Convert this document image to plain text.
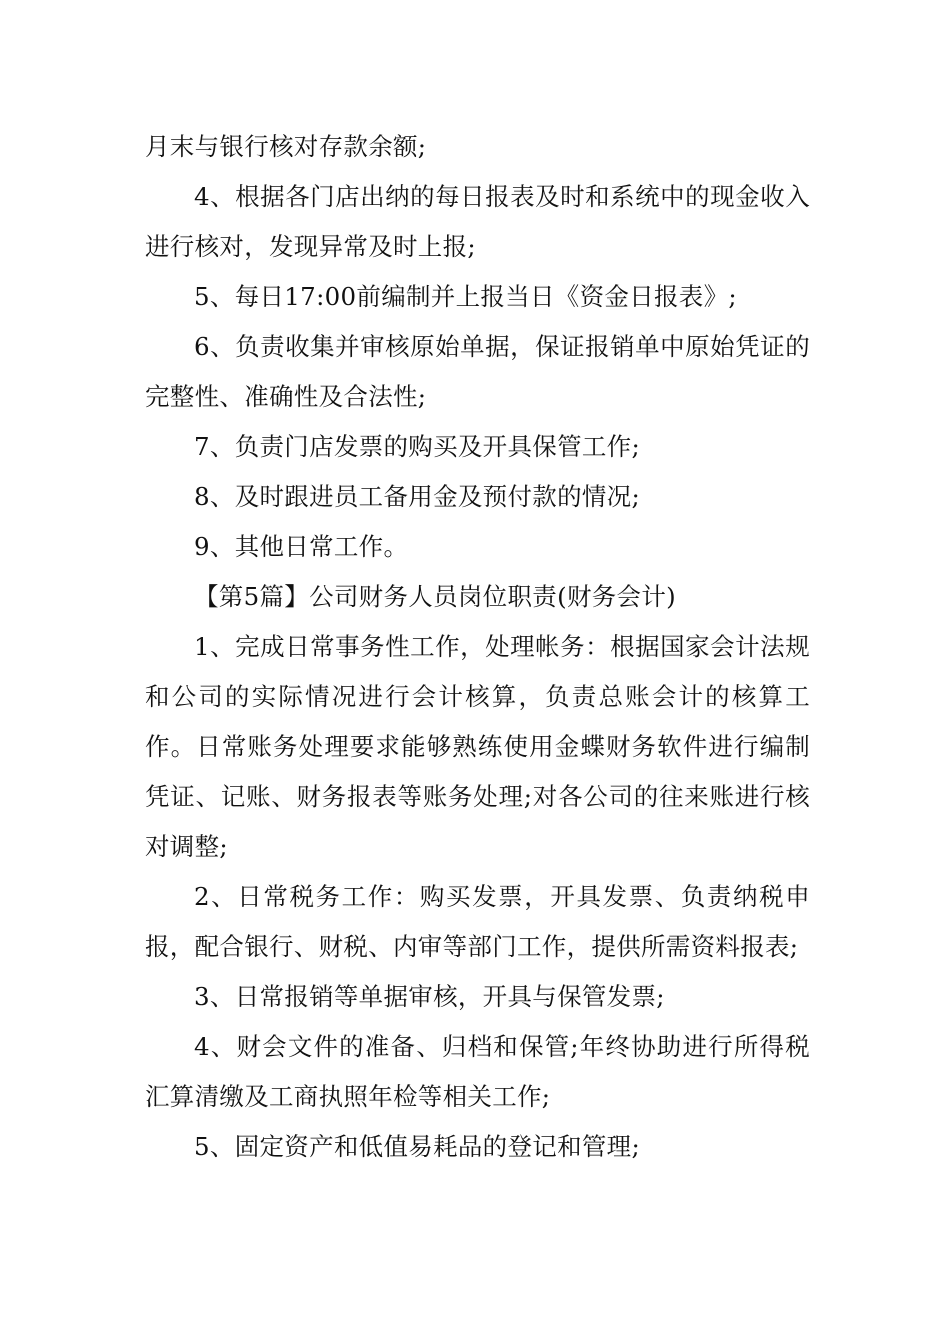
月末与银行核对存款余额;

4、根据各门店出纳的每日报表及时和系统中的现金收入进行核对，发现异常及时上报;

5、每日17:00前编制并上报当日《资金日报表》;

6、负责收集并审核原始单据，保证报销单中原始凭证的完整性、准确性及合法性;

7、负责门店发票的购买及开具保管工作;

8、及时跟进员工备用金及预付款的情况;

9、其他日常工作。

【第5篇】公司财务人员岗位职责(财务会计)

1、完成日常事务性工作，处理帐务：根据国家会计法规和公司的实际情况进行会计核算，负责总账会计的核算工作。日常账务处理要求能够熟练使用金蝶财务软件进行编制凭证、记账、财务报表等账务处理;对各公司的往来账进行核对调整;

2、日常税务工作：购买发票，开具发票、负责纳税申报，配合银行、财税、内审等部门工作，提供所需资料报表;

3、日常报销等单据审核，开具与保管发票;

4、财会文件的准备、归档和保管;年终协助进行所得税汇算清缴及工商执照年检等相关工作;

5、固定资产和低值易耗品的登记和管理;
